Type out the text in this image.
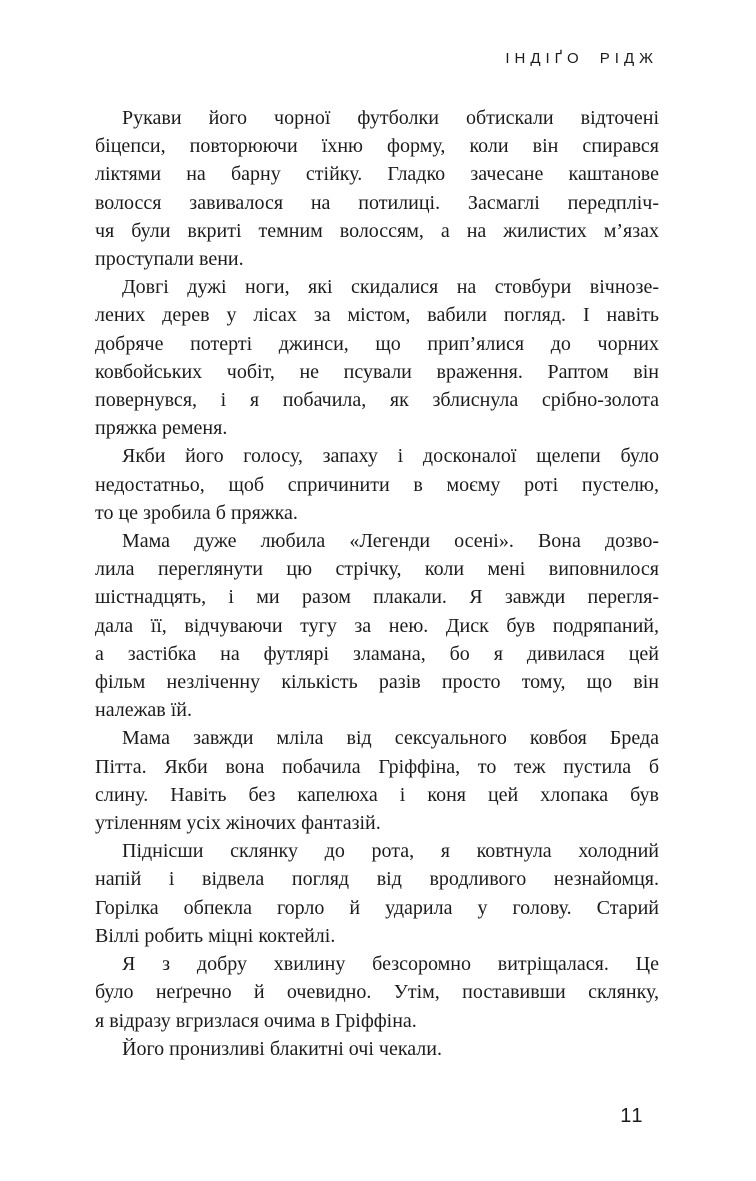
ІНДІҐО РІДЖ
Рукави його чорної футболки обтискали відточені
біцепси, повторюючи їхню форму, коли він спирався
ліктями на барну стійку. Гладко зачесане каштанове
волосся завивалося на потилиці. Засмаглі передпліч-
чя були вкриті темним волоссям, а на жилистих м’язах
проступали вени.
Довгі дужі ноги, які скидалися на стовбури вічнозе-
лених дерев у лісах за містом, вабили погляд. І навіть
добряче потерті джинси, що прип’ялися до чорних
ковбойських чобіт, не псували враження. Раптом він
повернувся, і я побачила, як зблиснула срібно-золота
пряжка ременя.
Якби його голосу, запаху і досконалої щелепи було
недостатньо, щоб спричинити в моєму роті пустелю,
то це зробила б пряжка.
Мама дуже любила «Легенди осені». Вона дозво-
лила переглянути цю стрічку, коли мені виповнилося
шістнадцять, і ми разом плакали. Я завжди перегля-
дала її, відчуваючи тугу за нею. Диск був подряпаний,
а застібка на футлярі зламана, бо я дивилася цей
фільм незліченну кількість разів просто тому, що він
належав їй.
Мама завжди мліла від сексуального ковбоя Бреда
Пітта. Якби вона побачила Гріффіна, то теж пустила б
слину. Навіть без капелюха і коня цей хлопака був
утіленням усіх жіночих фантазій.
Піднісши склянку до рота, я ковтнула холодний
напій і відвела погляд від вродливого незнайомця.
Горілка обпекла горло й ударила у голову. Старий
Віллі робить міцні коктейлі.
Я з добру хвилину безсоромно витріщалася. Це
було неґречно й очевидно. Утім, поставивши склянку,
я відразу вгризлася очима в Гріффіна.
Його пронизливі блакитні очі чекали.
11
